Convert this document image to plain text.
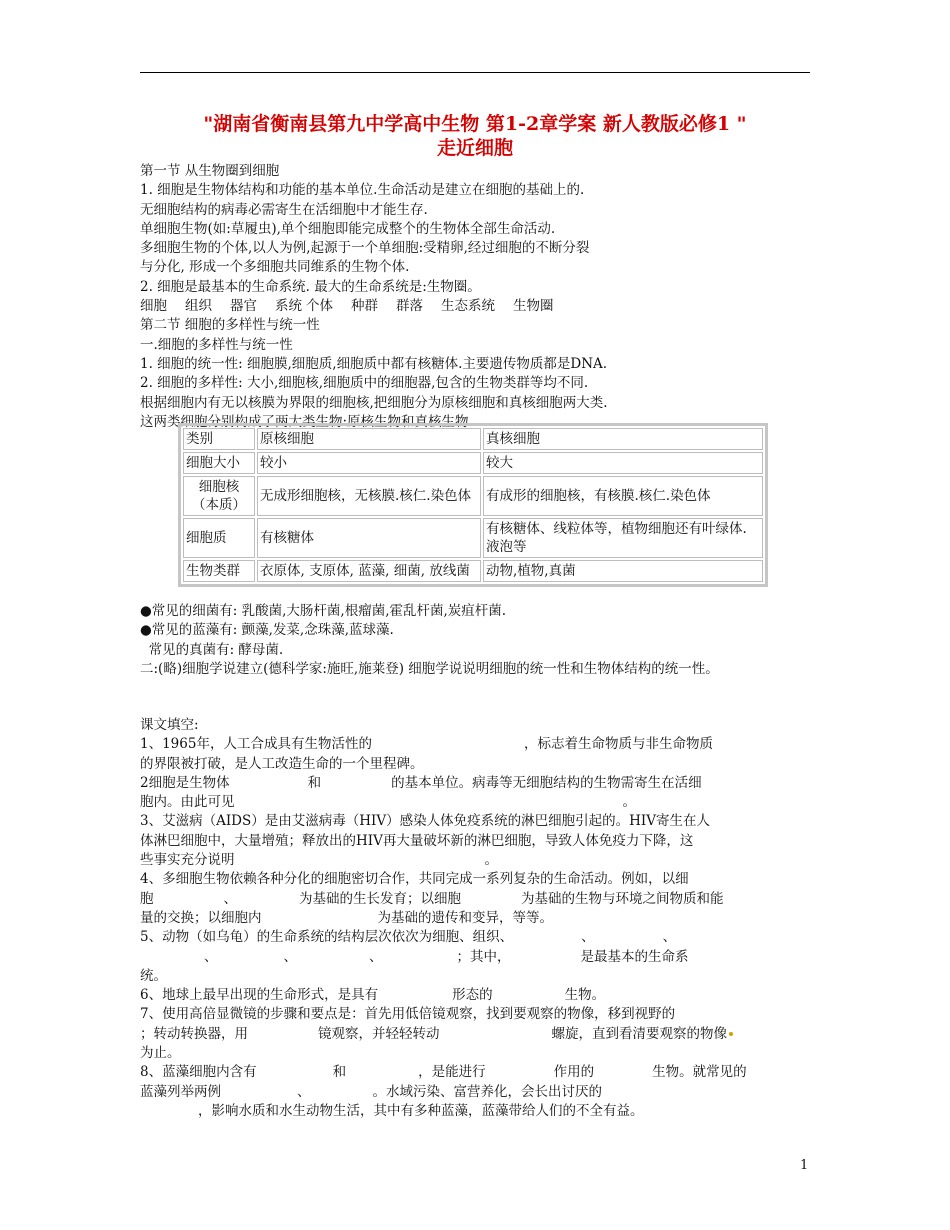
"湖南省衡南县第九中学高中生物 第1-2章学案 新人教版必修1 "
走近细胞

第一节 从生物圈到细胞

1. 细胞是生物体结构和功能的基本单位.生命活动是建立在细胞的基础上的.

无细胞结构的病毒必需寄生在活细胞中才能生存.

单细胞生物(如:草履虫),单个细胞即能完成整个的生物体全部生命活动.

多细胞生物的个体,以人为例,起源于一个单细胞:受精卵,经过细胞的不断分裂

与分化, 形成一个多细胞共同维系的生物个体.

2. 细胞是最基本的生命系统. 最大的生命系统是:生物圈。

细胞 组织 器官 系统 个体 种群 群落 生态系统 生物圈

第二节 细胞的多样性与统一性

一.细胞的多样性与统一性

1. 细胞的统一性: 细胞膜,细胞质,细胞质中都有核糖体.主要遗传物质都是DNA.

2. 细胞的多样性: 大小,细胞核,细胞质中的细胞器,包含的生物类群等均不同.

根据细胞内有无以核膜为界限的细胞核,把细胞分为原核细胞和真核细胞两大类.

这两类细胞分别构成了两大类生物:原核生物和真核生物.

类别	原核细胞	真核细胞
细胞大小	较小	较大
细胞核（本质）	无成形细胞核，无核膜.核仁.染色体	有成形的细胞核，有核膜.核仁.染色体
细胞质	有核糖体	有核糖体、线粒体等，植物细胞还有叶绿体.液泡等
生物类群	衣原体, 支原体, 蓝藻, 细菌, 放线菌	动物,植物,真菌

●常见的细菌有: 乳酸菌,大肠杆菌,根瘤菌,霍乱杆菌,炭疽杆菌.

●常见的蓝藻有: 颤藻,发菜,念珠藻,蓝球藻.

常见的真菌有: 酵母菌.

二:(略)细胞学说建立(德科学家:施旺,施莱登) 细胞学说说明细胞的统一性和生物体结构的统一性。

课文填空:

1、1965年，人工合成具有生物活性的	，标志着生命物质与非生命物质

的界限被打破，是人工改造生命的一个里程碑。

2细胞是生物体	和	的基本单位。病毒等无细胞结构的生物需寄生在活细

胞内。由此可见	。

3、艾滋病（AIDS）是由艾滋病毒（HIV）感染人体免疫系统的淋巴细胞引起的。HIV寄生在人

体淋巴细胞中，大量增殖；释放出的HIV再大量破坏新的淋巴细胞，导致人体免疫力下降，这

些事实充分说明	。

4、多细胞生物依赖各种分化的细胞密切合作，共同完成一系列复杂的生命活动。例如，以细

胞	、	为基础的生长发育；以细胞	为基础的生物与环境之间物质和能

量的交换；以细胞内	为基础的遗传和变异，等等。

5、动物（如乌龟）的生命系统的结构层次依次为细胞、组织、	、	、

、	、	、	；其中，	是最基本的生命系

统。

6、地球上最早出现的生命形式，是具有	形态的	生物。

7、使用高倍显微镜的步骤和要点是：首先用低倍镜观察，找到要观察的物像，移到视野的

；转动转换器，用	镜观察，并轻轻转动	螺旋，直到看清要观察的物像

为止。

8、蓝藻细胞内含有	和	，是能进行	作用的	生物。就常见的

蓝藻列举两例	、	。水域污染、富营养化，会长出讨厌的

，影响水质和水生动物生活，其中有多种蓝藻，蓝藻带给人们的不全有益。

1
